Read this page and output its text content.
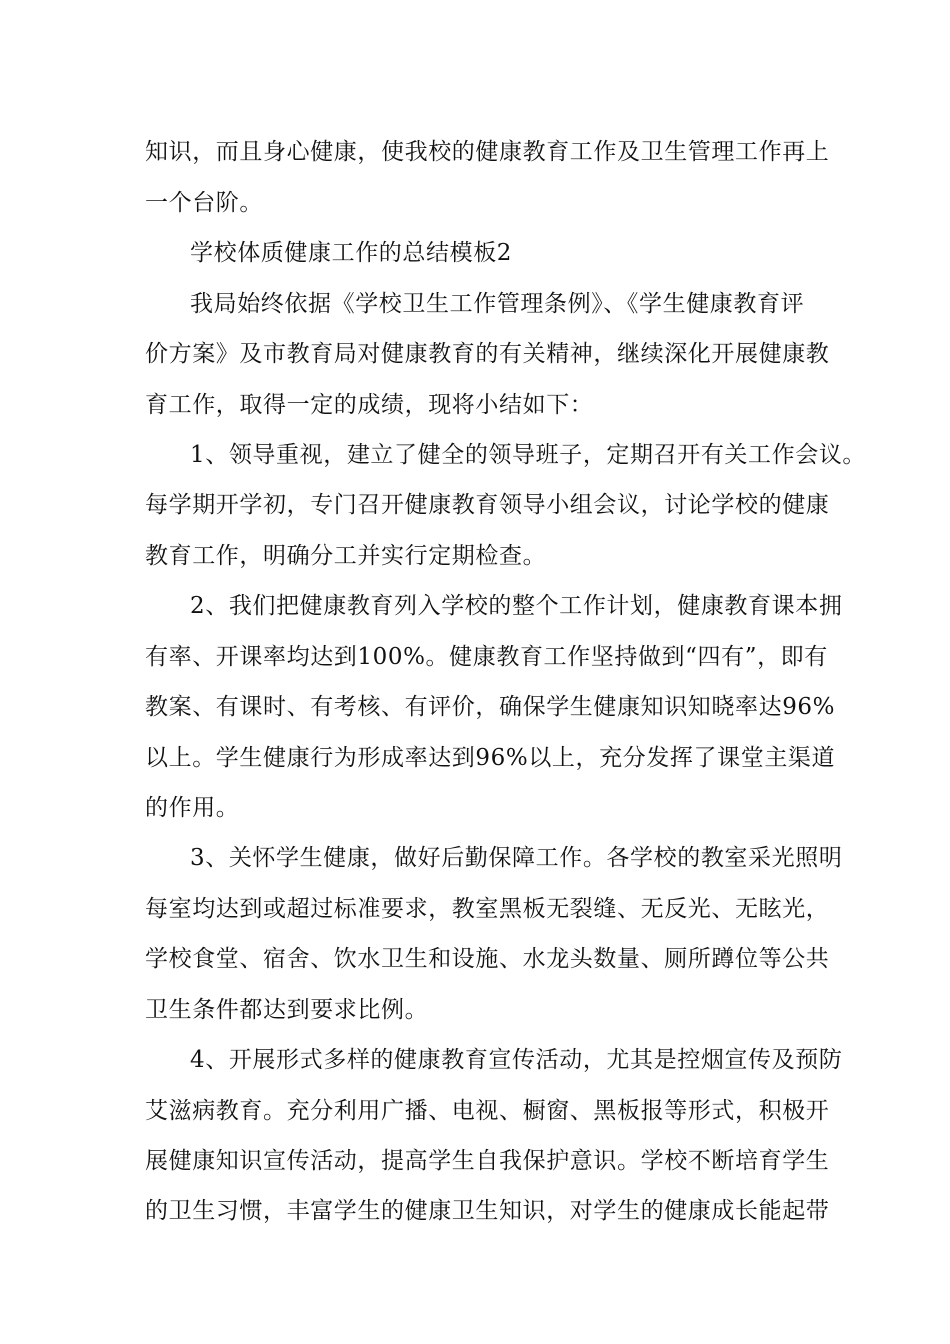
知识，而且身心健康，使我校的健康教育工作及卫生管理工作再上
一个台阶。
学校体质健康工作的总结模板2
我局始终依据《学校卫生工作管理条例》、《学生健康教育评
价方案》及市教育局对健康教育的有关精神，继续深化开展健康教
育工作，取得一定的成绩，现将小结如下：
1、领导重视，建立了健全的领导班子，定期召开有关工作会议。
每学期开学初，专门召开健康教育领导小组会议，讨论学校的健康
教育工作，明确分工并实行定期检查。
2、我们把健康教育列入学校的整个工作计划，健康教育课本拥
有率、开课率均达到100%。健康教育工作坚持做到“四有”，即有
教案、有课时、有考核、有评价，确保学生健康知识知晓率达96%
以上。学生健康行为形成率达到96%以上，充分发挥了课堂主渠道
的作用。
3、关怀学生健康，做好后勤保障工作。各学校的教室采光照明
每室均达到或超过标准要求，教室黑板无裂缝、无反光、无眩光，
学校食堂、宿舍、饮水卫生和设施、水龙头数量、厕所蹲位等公共
卫生条件都达到要求比例。
4、开展形式多样的健康教育宣传活动，尤其是控烟宣传及预防
艾滋病教育。充分利用广播、电视、橱窗、黑板报等形式，积极开
展健康知识宣传活动，提高学生自我保护意识。学校不断培育学生
的卫生习惯，丰富学生的健康卫生知识，对学生的健康成长能起带
